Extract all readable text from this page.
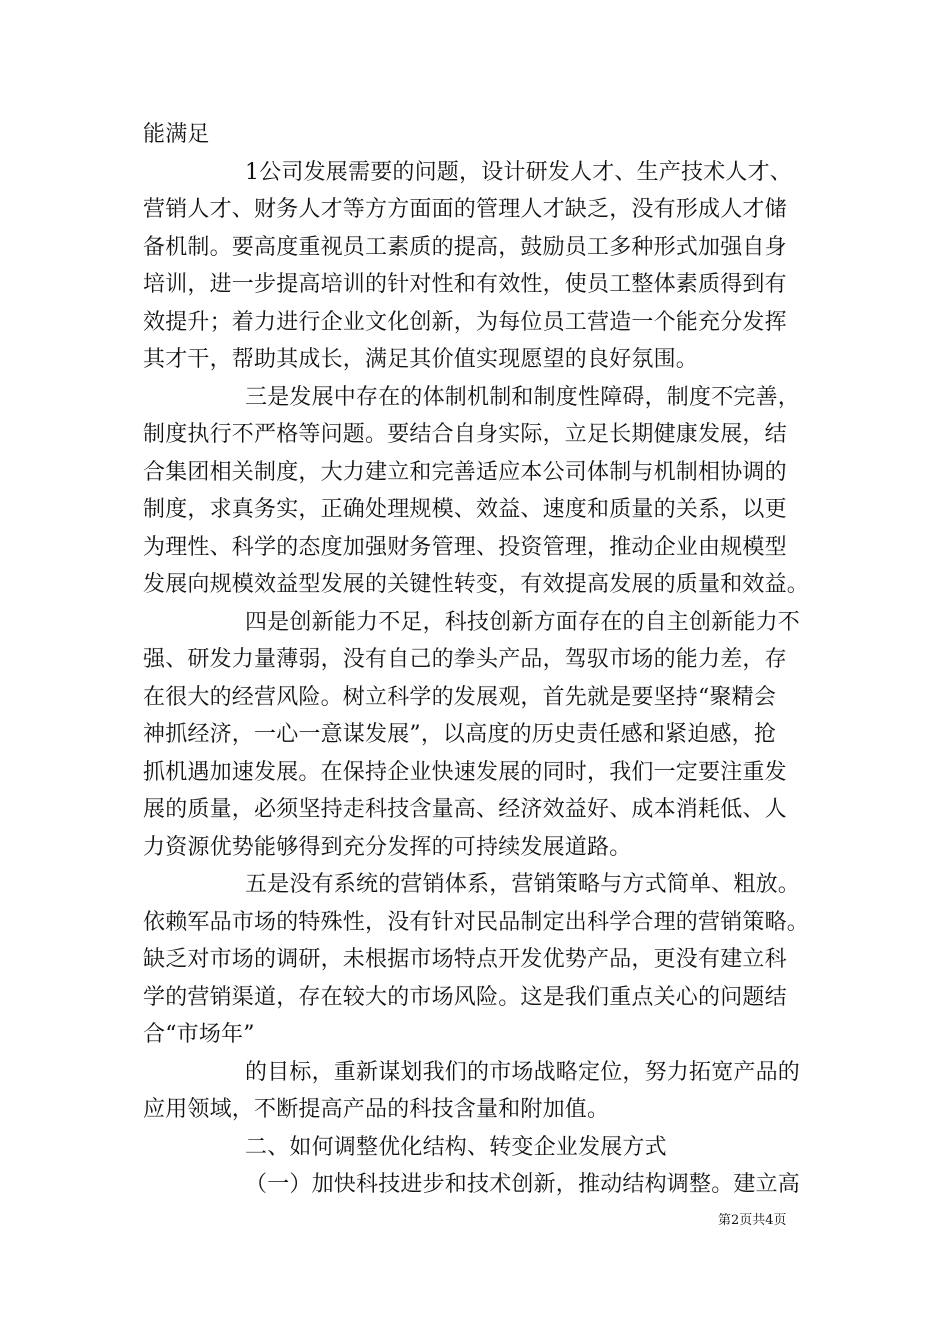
能满足
1公司发展需要的问题，设计研发人才、生产技术人才、
营销人才、财务人才等方方面面的管理人才缺乏，没有形成人才储
备机制。要高度重视员工素质的提高，鼓励员工多种形式加强自身
培训，进一步提高培训的针对性和有效性，使员工整体素质得到有
效提升；着力进行企业文化创新，为每位员工营造一个能充分发挥
其才干，帮助其成长，满足其价值实现愿望的良好氛围。
三是发展中存在的体制机制和制度性障碍，制度不完善，
制度执行不严格等问题。要结合自身实际，立足长期健康发展，结
合集团相关制度，大力建立和完善适应本公司体制与机制相协调的
制度，求真务实，正确处理规模、效益、速度和质量的关系，以更
为理性、科学的态度加强财务管理、投资管理，推动企业由规模型
发展向规模效益型发展的关键性转变，有效提高发展的质量和效益。
四是创新能力不足，科技创新方面存在的自主创新能力不
强、研发力量薄弱，没有自己的拳头产品，驾驭市场的能力差，存
在很大的经营风险。树立科学的发展观，首先就是要坚持“聚精会
神抓经济，一心一意谋发展”，以高度的历史责任感和紧迫感，抢
抓机遇加速发展。在保持企业快速发展的同时，我们一定要注重发
展的质量，必须坚持走科技含量高、经济效益好、成本消耗低、人
力资源优势能够得到充分发挥的可持续发展道路。
五是没有系统的营销体系，营销策略与方式简单、粗放。
依赖军品市场的特殊性，没有针对民品制定出科学合理的营销策略。
缺乏对市场的调研，未根据市场特点开发优势产品，更没有建立科
学的营销渠道，存在较大的市场风险。这是我们重点关心的问题结
合“市场年”
的目标，重新谋划我们的市场战略定位，努力拓宽产品的
应用领域，不断提高产品的科技含量和附加值。
二、如何调整优化结构、转变企业发展方式
（一）加快科技进步和技术创新，推动结构调整。建立高
第2页共4页
